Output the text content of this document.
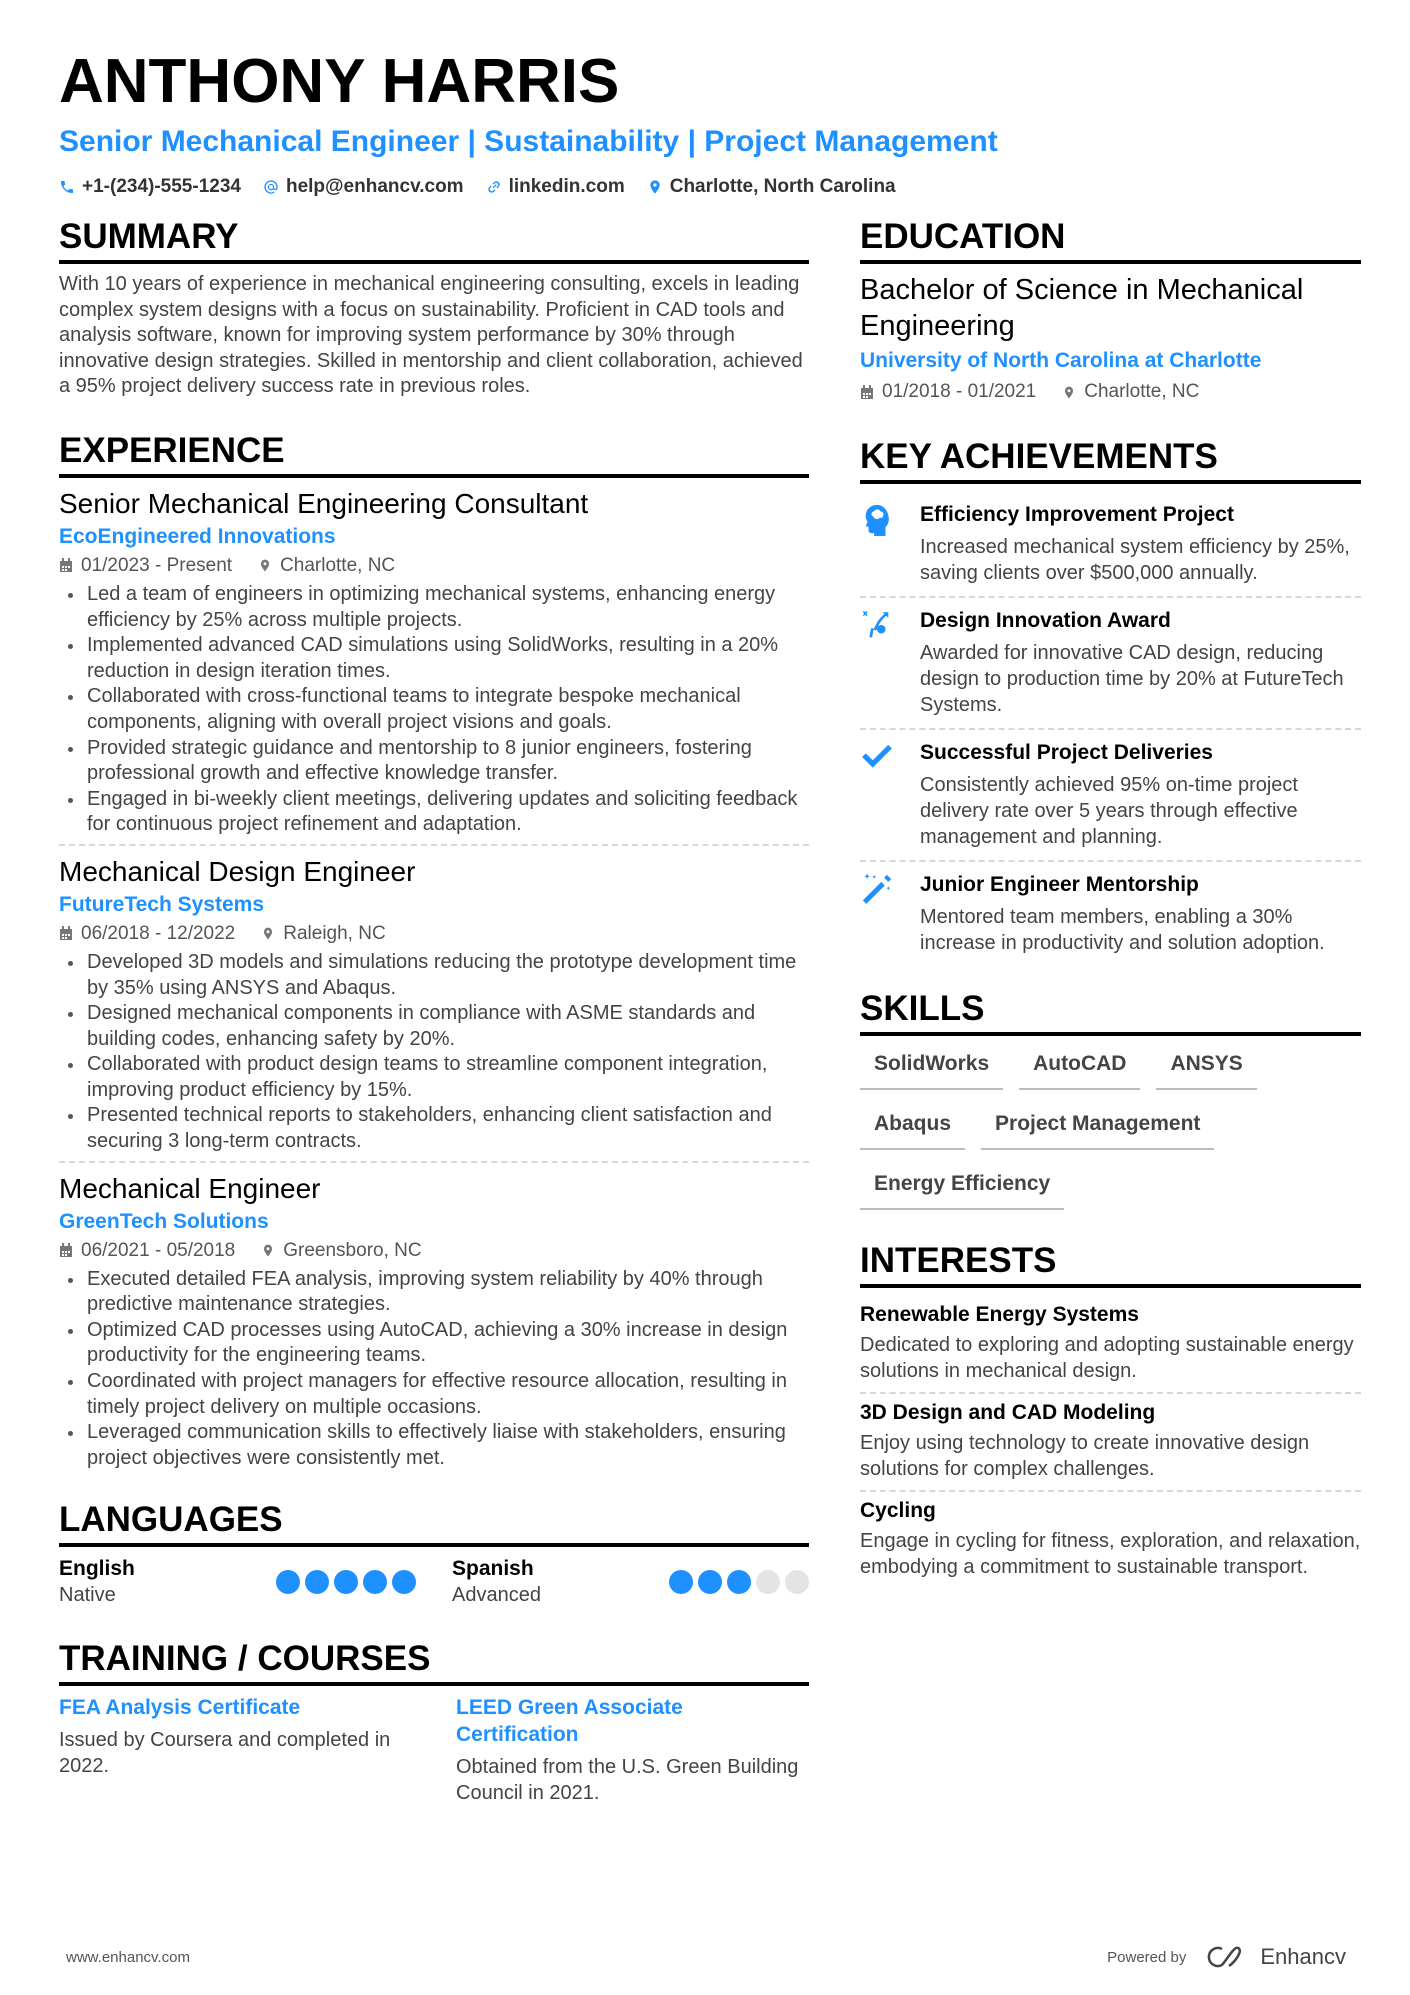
ANTHONY HARRIS
Senior Mechanical Engineer | Sustainability | Project Management
+1-(234)-555-1234 help@enhancv.com linkedin.com Charlotte, North Carolina
SUMMARY
With 10 years of experience in mechanical engineering consulting, excels in leading complex system designs with a focus on sustainability. Proficient in CAD tools and analysis software, known for improving system performance by 30% through innovative design strategies. Skilled in mentorship and client collaboration, achieved a 95% project delivery success rate in previous roles.
EXPERIENCE
Senior Mechanical Engineering Consultant
EcoEngineered Innovations
01/2023 - Present	Charlotte, NC
Led a team of engineers in optimizing mechanical systems, enhancing energy efficiency by 25% across multiple projects.
Implemented advanced CAD simulations using SolidWorks, resulting in a 20% reduction in design iteration times.
Collaborated with cross-functional teams to integrate bespoke mechanical components, aligning with overall project visions and goals.
Provided strategic guidance and mentorship to 8 junior engineers, fostering professional growth and effective knowledge transfer.
Engaged in bi-weekly client meetings, delivering updates and soliciting feedback for continuous project refinement and adaptation.
Mechanical Design Engineer
FutureTech Systems
06/2018 - 12/2022	Raleigh, NC
Developed 3D models and simulations reducing the prototype development time by 35% using ANSYS and Abaqus.
Designed mechanical components in compliance with ASME standards and building codes, enhancing safety by 20%.
Collaborated with product design teams to streamline component integration, improving product efficiency by 15%.
Presented technical reports to stakeholders, enhancing client satisfaction and securing 3 long-term contracts.
Mechanical Engineer
GreenTech Solutions
06/2021 - 05/2018	Greensboro, NC
Executed detailed FEA analysis, improving system reliability by 40% through predictive maintenance strategies.
Optimized CAD processes using AutoCAD, achieving a 30% increase in design productivity for the engineering teams.
Coordinated with project managers for effective resource allocation, resulting in timely project delivery on multiple occasions.
Leveraged communication skills to effectively liaise with stakeholders, ensuring project objectives were consistently met.
LANGUAGES
English
Native
Spanish
Advanced
TRAINING / COURSES
FEA Analysis Certificate
Issued by Coursera and completed in 2022.
LEED Green Associate Certification
Obtained from the U.S. Green Building Council in 2021.
EDUCATION
Bachelor of Science in Mechanical Engineering
University of North Carolina at Charlotte
01/2018 - 01/2021	Charlotte, NC
KEY ACHIEVEMENTS
Efficiency Improvement Project
Increased mechanical system efficiency by 25%, saving clients over $500,000 annually.
Design Innovation Award
Awarded for innovative CAD design, reducing design to production time by 20% at FutureTech Systems.
Successful Project Deliveries
Consistently achieved 95% on-time project delivery rate over 5 years through effective management and planning.
Junior Engineer Mentorship
Mentored team members, enabling a 30% increase in productivity and solution adoption.
SKILLS
SolidWorks	AutoCAD	ANSYS
Abaqus	Project Management
Energy Efficiency
INTERESTS
Renewable Energy Systems
Dedicated to exploring and adopting sustainable energy solutions in mechanical design.
3D Design and CAD Modeling
Enjoy using technology to create innovative design solutions for complex challenges.
Cycling
Engage in cycling for fitness, exploration, and relaxation, embodying a commitment to sustainable transport.
www.enhancv.com	Powered by	Enhancv
